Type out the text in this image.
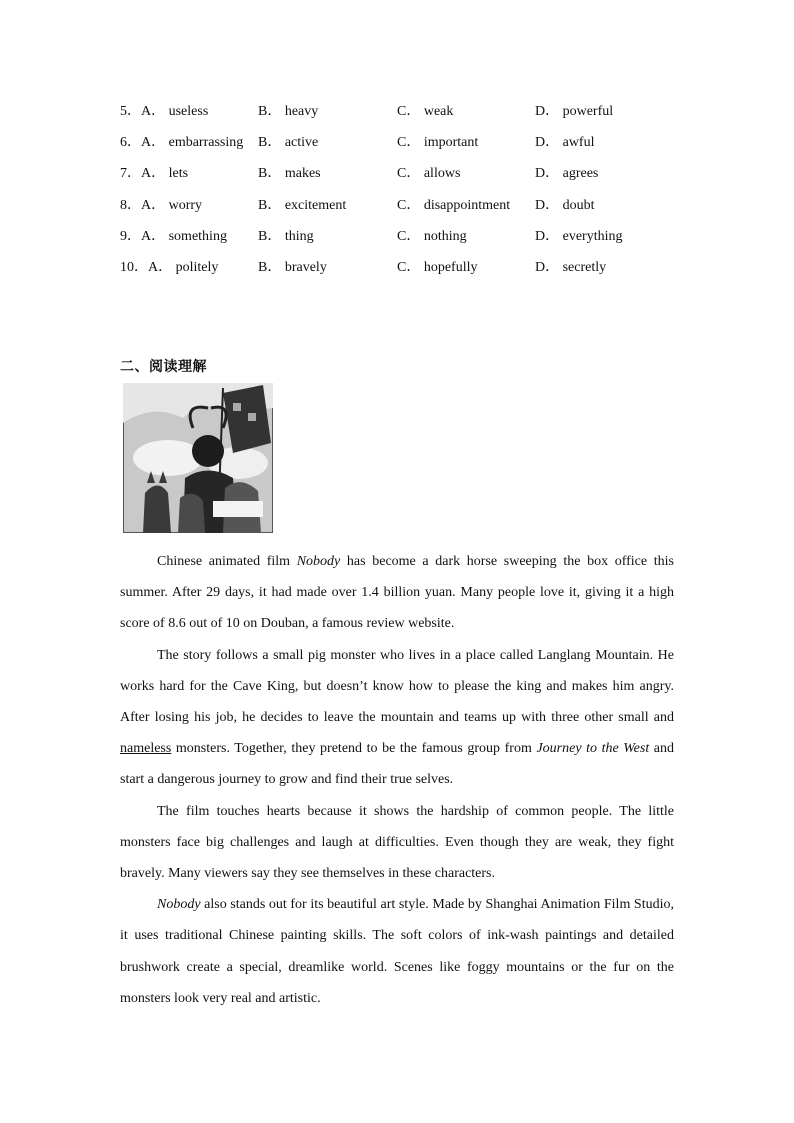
5．A． useless	B． heavy	C． weak	D． powerful
6．A． embarrassing B． active	C． important	D． awful
7．A． lets	B． makes	C． allows	D． agrees
8．A． worry	B． excitement	C． disappointment D． doubt
9．A． something B． thing	C． nothing	D． everything
10．A． politely	B． bravely	C． hopefully	D． secretly
二、阅读理解

Chinese animated film Nobody has become a dark horse sweeping the box office this summer. After 29 days, it had made over 1.4 billion yuan. Many people love it, giving it a high score of 8.6 out of 10 on Douban, a famous review website.

The story follows a small pig monster who lives in a place called Langlang Mountain. He works hard for the Cave King, but doesn’t know how to please the king and makes him angry. After losing his job, he decides to leave the mountain and teams up with three other small and nameless monsters. Together, they pretend to be the famous group from Journey to the West and start a dangerous journey to grow and find their true selves.

The film touches hearts because it shows the hardship of common people. The little monsters face big challenges and laugh at difficulties. Even though they are weak, they fight bravely. Many viewers say they see themselves in these characters.

Nobody also stands out for its beautiful art style. Made by Shanghai Animation Film Studio, it uses traditional Chinese painting skills. The soft colors of ink-wash paintings and detailed brushwork create a special, dreamlike world. Scenes like foggy mountains or the fur on the monsters look very real and artistic.
